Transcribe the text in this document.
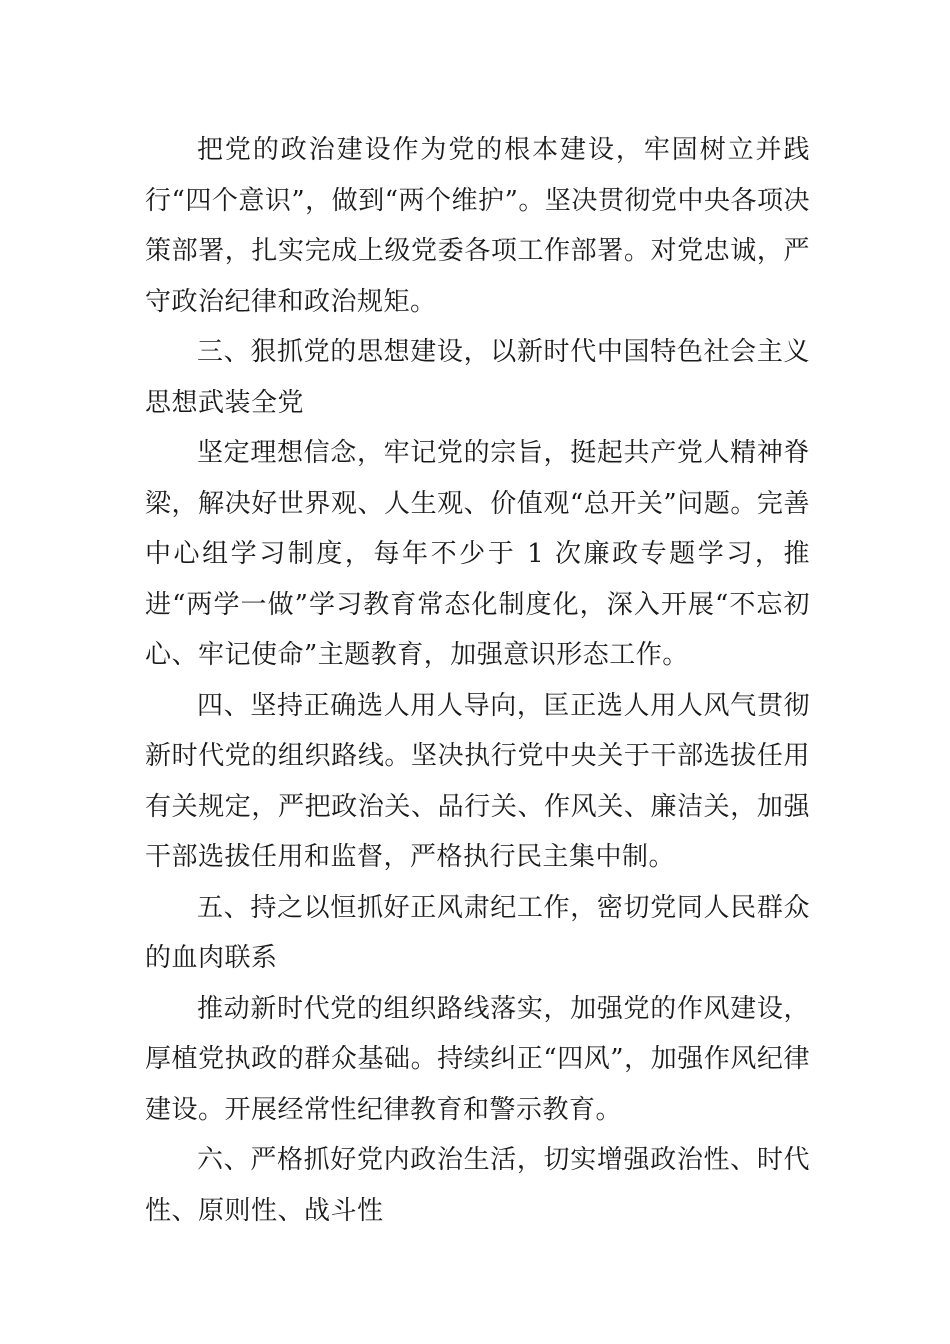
把党的政治建设作为党的根本建设，牢固树立并践行“四个意识”，做到“两个维护”。坚决贯彻党中央各项决策部署，扎实完成上级党委各项工作部署。对党忠诚，严守政治纪律和政治规矩。

三、狠抓党的思想建设，以新时代中国特色社会主义思想武装全党

坚定理想信念，牢记党的宗旨，挺起共产党人精神脊梁，解决好世界观、人生观、价值观“总开关”问题。完善中心组学习制度，每年不少于 1 次廉政专题学习，推进“两学一做”学习教育常态化制度化，深入开展“不忘初心、牢记使命”主题教育，加强意识形态工作。

四、坚持正确选人用人导向，匡正选人用人风气贯彻新时代党的组织路线。坚决执行党中央关于干部选拔任用有关规定，严把政治关、品行关、作风关、廉洁关，加强干部选拔任用和监督，严格执行民主集中制。

五、持之以恒抓好正风肃纪工作，密切党同人民群众的血肉联系

推动新时代党的组织路线落实，加强党的作风建设，厚植党执政的群众基础。持续纠正“四风”，加强作风纪律建设。开展经常性纪律教育和警示教育。

六、严格抓好党内政治生活，切实增强政治性、时代性、原则性、战斗性
